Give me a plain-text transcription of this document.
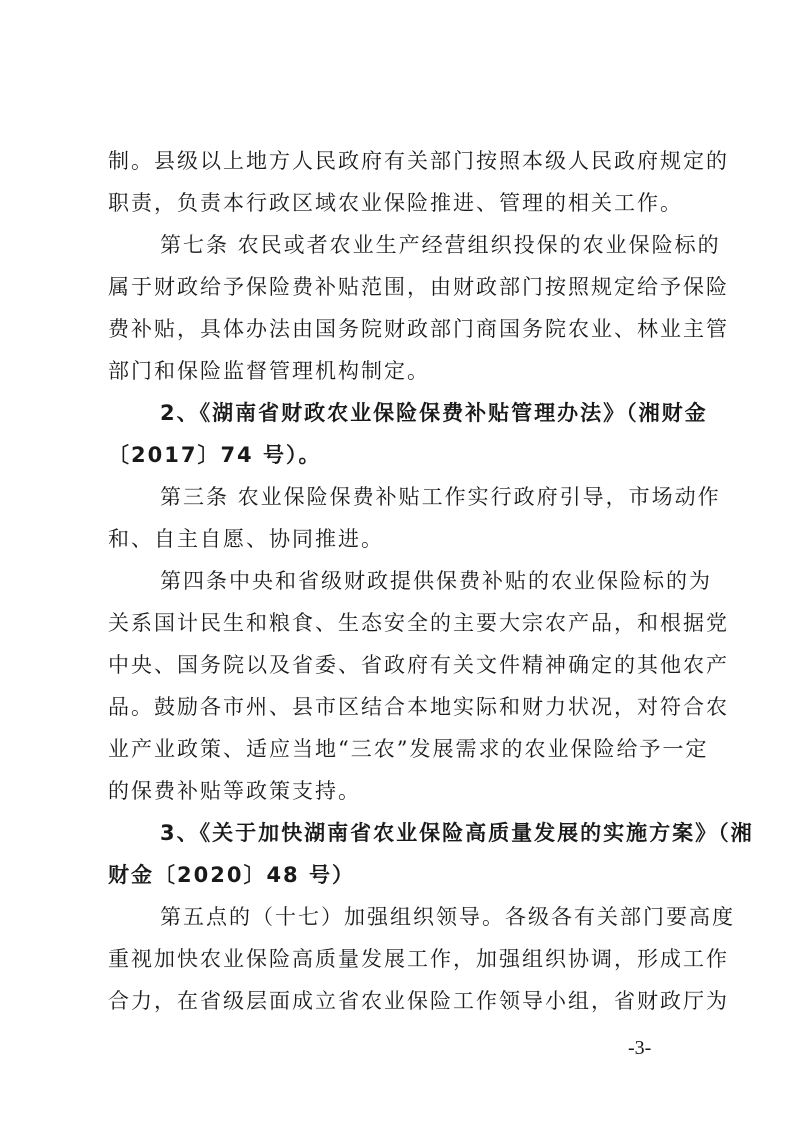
制。县级以上地方人民政府有关部门按照本级人民政府规定的
职责，负责本行政区域农业保险推进、管理的相关工作。
第七条 农民或者农业生产经营组织投保的农业保险标的
属于财政给予保险费补贴范围，由财政部门按照规定给予保险
费补贴，具体办法由国务院财政部门商国务院农业、林业主管
部门和保险监督管理机构制定。
2、《湖南省财政农业保险保费补贴管理办法》（湘财金
〔2017〕74 号）。
第三条 农业保险保费补贴工作实行政府引导，市场动作
和、自主自愿、协同推进。
第四条中央和省级财政提供保费补贴的农业保险标的为
关系国计民生和粮食、生态安全的主要大宗农产品，和根据党
中央、国务院以及省委、省政府有关文件精神确定的其他农产
品。鼓励各市州、县市区结合本地实际和财力状况，对符合农
业产业政策、适应当地“三农”发展需求的农业保险给予一定
的保费补贴等政策支持。
3、《关于加快湖南省农业保险高质量发展的实施方案》（湘
财金〔2020〕48 号）
第五点的（十七）加强组织领导。各级各有关部门要高度
重视加快农业保险高质量发展工作，加强组织协调，形成工作
合力，在省级层面成立省农业保险工作领导小组，省财政厅为
-3-
